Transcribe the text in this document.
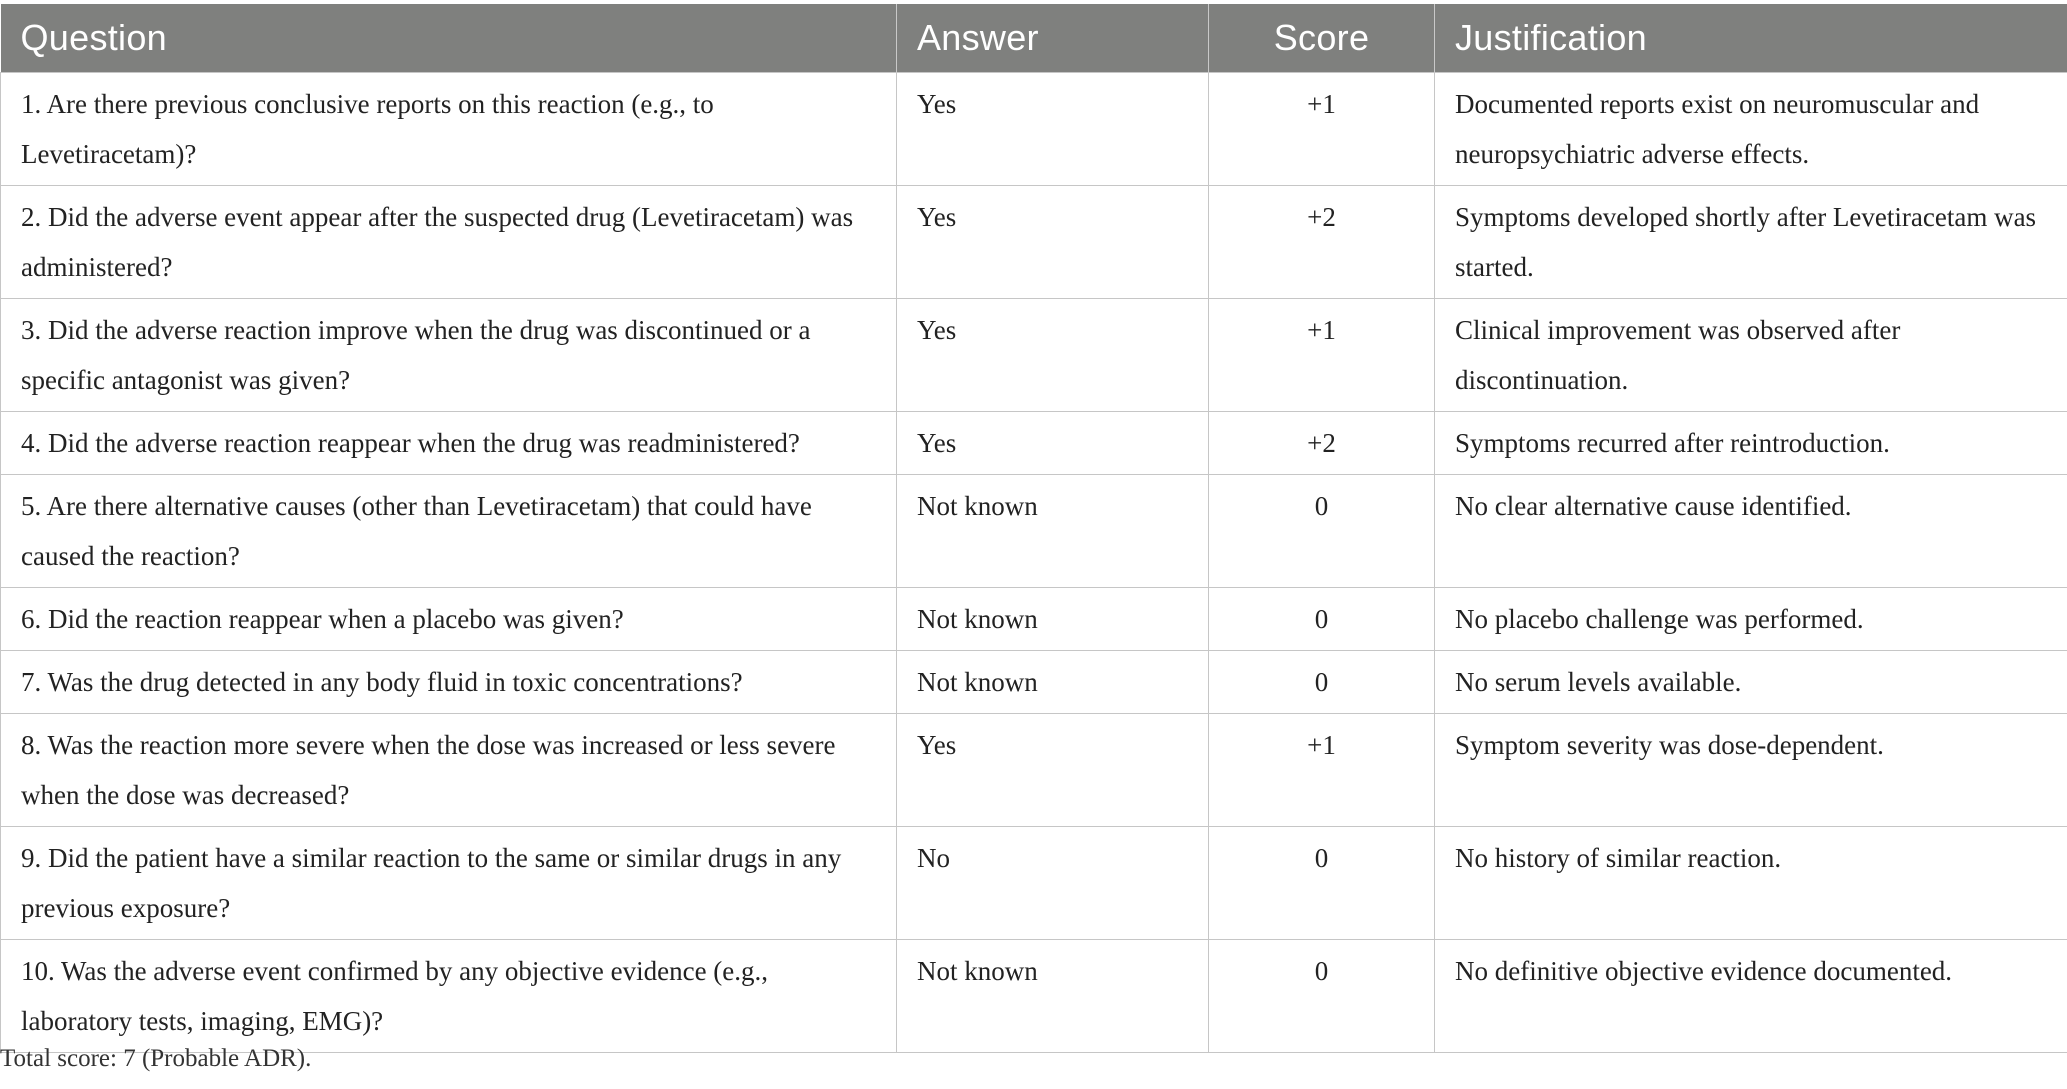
Question	Answer	Score	Justification
1. Are there previous conclusive reports on this reaction (e.g., to Levetiracetam)?	Yes	+1	Documented reports exist on neuromuscular and neuropsychiatric adverse effects.
2. Did the adverse event appear after the suspected drug (Levetiracetam) was administered?	Yes	+2	Symptoms developed shortly after Levetiracetam was started.
3. Did the adverse reaction improve when the drug was discontinued or a specific antagonist was given?	Yes	+1	Clinical improvement was observed after discontinuation.
4. Did the adverse reaction reappear when the drug was readministered?	Yes	+2	Symptoms recurred after reintroduction.
5. Are there alternative causes (other than Levetiracetam) that could have caused the reaction?	Not known	0	No clear alternative cause identified.
6. Did the reaction reappear when a placebo was given?	Not known	0	No placebo challenge was performed.
7. Was the drug detected in any body fluid in toxic concentrations?	Not known	0	No serum levels available.
8. Was the reaction more severe when the dose was increased or less severe when the dose was decreased?	Yes	+1	Symptom severity was dose-dependent.
9. Did the patient have a similar reaction to the same or similar drugs in any previous exposure?	No	0	No history of similar reaction.
10. Was the adverse event confirmed by any objective evidence (e.g., laboratory tests, imaging, EMG)?	Not known	0	No definitive objective evidence documented.
Total score: 7 (Probable ADR).
